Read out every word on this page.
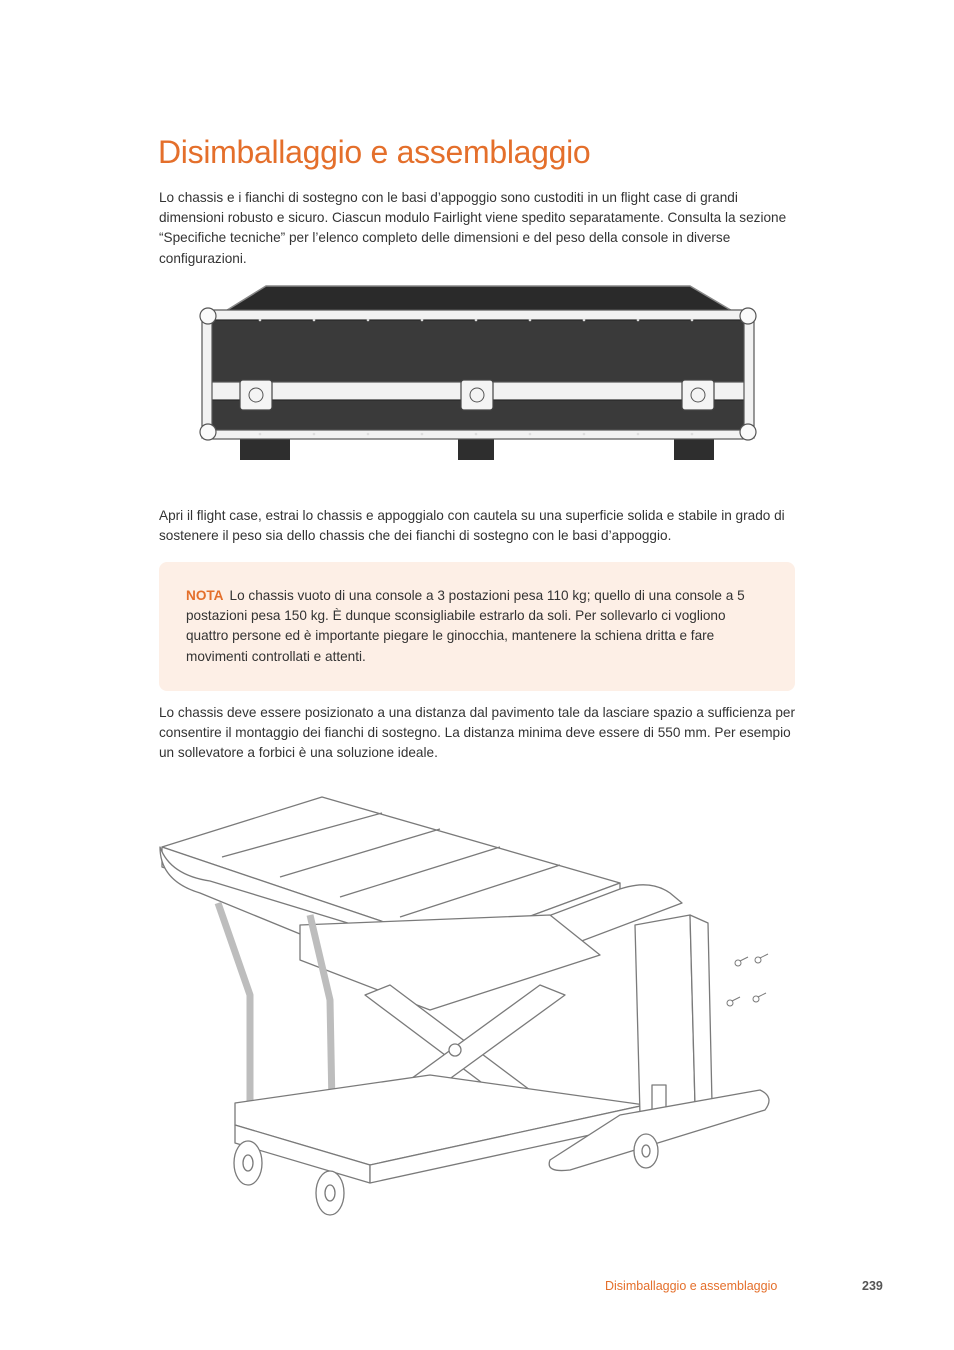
Disimballaggio e assemblaggio

Lo chassis e i fianchi di sostegno con le basi d’appoggio sono custoditi in un flight case di grandi dimensioni robusto e sicuro. Ciascun modulo Fairlight viene spedito separatamente. Consulta la sezione “Specifiche tecniche” per l’elenco completo delle dimensioni e del peso della console in diverse configurazioni.

Apri il flight case, estrai lo chassis e appoggialo con cautela su una superficie solida e stabile in grado di sostenere il peso sia dello chassis che dei fianchi di sostegno con le basi d’appoggio.

NOTA Lo chassis vuoto di una console a 3 postazioni pesa 110 kg; quello di una console a 5 postazioni pesa 150 kg. È dunque sconsigliabile estrarlo da soli. Per sollevarlo ci vogliono quattro persone ed è importante piegare le ginocchia, mantenere la schiena dritta e fare movimenti controllati e attenti.

Lo chassis deve essere posizionato a una distanza dal pavimento tale da lasciare spazio a sufficienza per consentire il montaggio dei fianchi di sostegno. La distanza minima deve essere di 550 mm. Per esempio un sollevatore a forbici è una soluzione ideale.

Disimballaggio e assemblaggio	239
